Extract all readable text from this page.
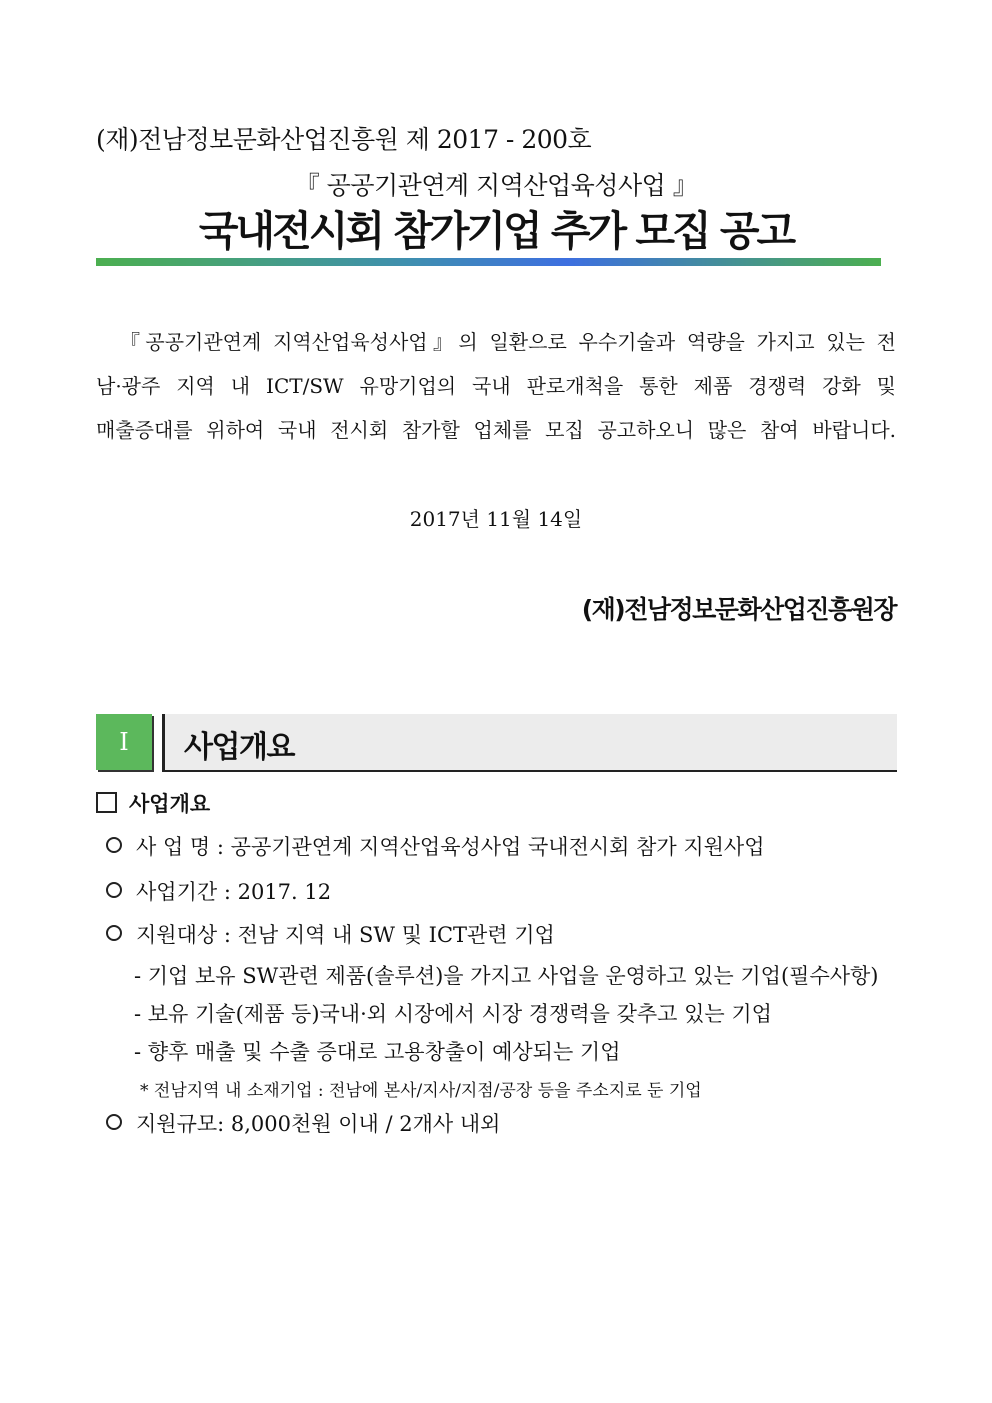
(재)전남정보문화산업진흥원 제 2017 - 200호
『 공공기관연계 지역산업육성사업 』
국내전시회 참가기업 추가 모집 공고

『공공기관연계 지역산업육성사업』의 일환으로 우수기술과 역량을 가지고 있는 전

남·광주 지역 내 ICT/SW 유망기업의 국내 판로개척을 통한 제품 경쟁력 강화 및

매출증대를 위하여 국내 전시회 참가할 업체를 모집 공고하오니 많은 참여 바랍니다.

2017년 11월 14일
(재)전남정보문화산업진흥원장
I	사업개요
사업개요
사 업 명 : 공공기관연계 지역산업육성사업 국내전시회 참가 지원사업
사업기간 : 2017. 12
지원대상 : 전남 지역 내 SW 및 ICT관련 기업
- 기업 보유 SW관련 제품(솔루션)을 가지고 사업을 운영하고 있는 기업(필수사항)
- 보유 기술(제품 등)국내·외 시장에서 시장 경쟁력을 갖추고 있는 기업
- 향후 매출 및 수출 증대로 고용창출이 예상되는 기업
* 전남지역 내 소재기업 : 전남에 본사/지사/지점/공장 등을 주소지로 둔 기업
지원규모: 8,000천원 이내 / 2개사 내외
